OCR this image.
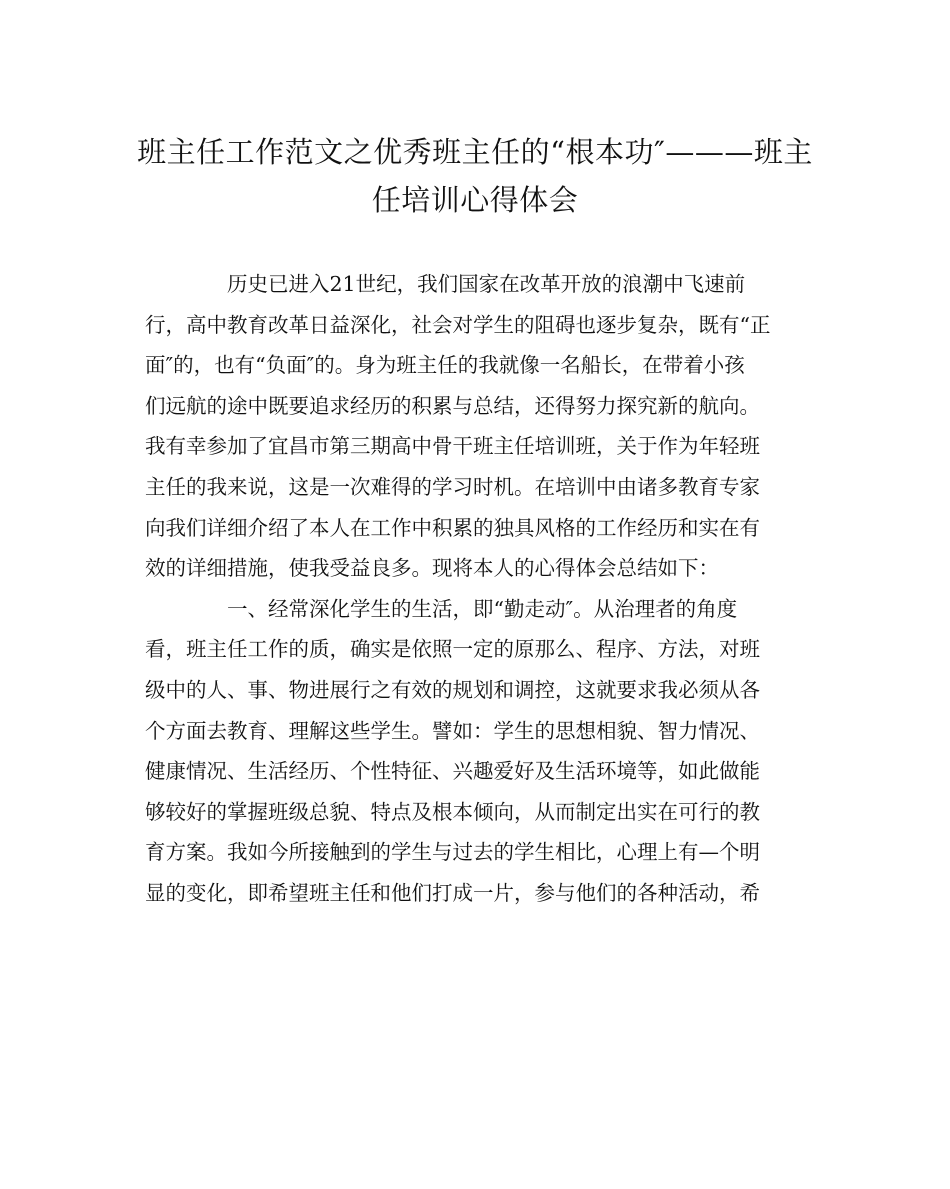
班主任工作范文之优秀班主任的“根本功″———班主
任培训心得体会
历史已进入21世纪，我们国家在改革开放的浪潮中飞速前
行，高中教育改革日益深化，社会对学生的阻碍也逐步复杂，既有“正
面″的，也有“负面″的。身为班主任的我就像一名船长，在带着小孩
们远航的途中既要追求经历的积累与总结，还得努力探究新的航向。
我有幸参加了宜昌市第三期高中骨干班主任培训班，关于作为年轻班
主任的我来说，这是一次难得的学习时机。在培训中由诸多教育专家
向我们详细介绍了本人在工作中积累的独具风格的工作经历和实在有
效的详细措施，使我受益良多。现将本人的心得体会总结如下：
一、经常深化学生的生活，即“勤走动″。从治理者的角度
看，班主任工作的质，确实是依照一定的原那么、程序、方法，对班
级中的人、事、物进展行之有效的规划和调控，这就要求我必须从各
个方面去教育、理解这些学生。譬如：学生的思想相貌、智力情况、
健康情况、生活经历、个性特征、兴趣爱好及生活环境等，如此做能
够较好的掌握班级总貌、特点及根本倾向，从而制定出实在可行的教
育方案。我如今所接触到的学生与过去的学生相比，心理上有—个明
显的变化，即希望班主任和他们打成一片，参与他们的各种活动，希
